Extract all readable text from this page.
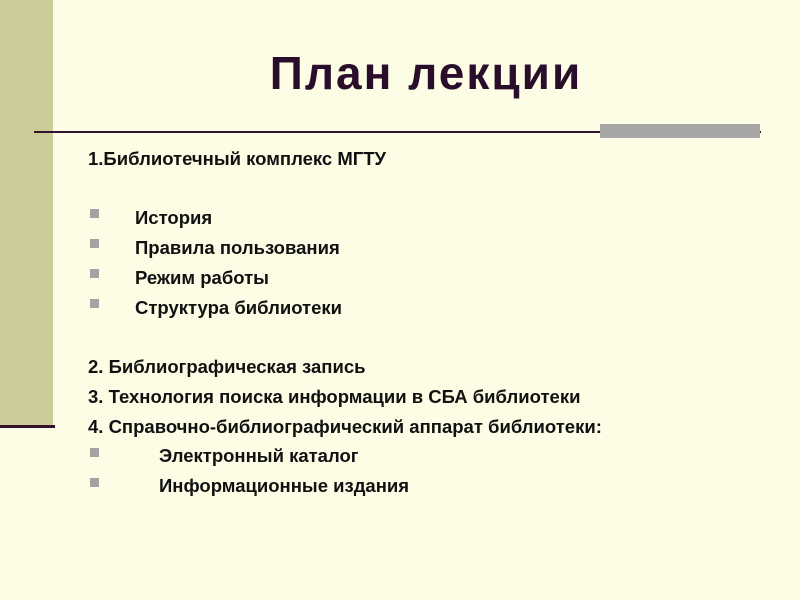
План лекции
1.Библиотечный комплекс МГТУ
История
Правила пользования
Режим работы
Структура библиотеки
2. Библиографическая запись
3. Технология поиска информации в СБА библиотеки
4. Справочно-библиографический аппарат библиотеки:
Электронный каталог
Информационные издания
